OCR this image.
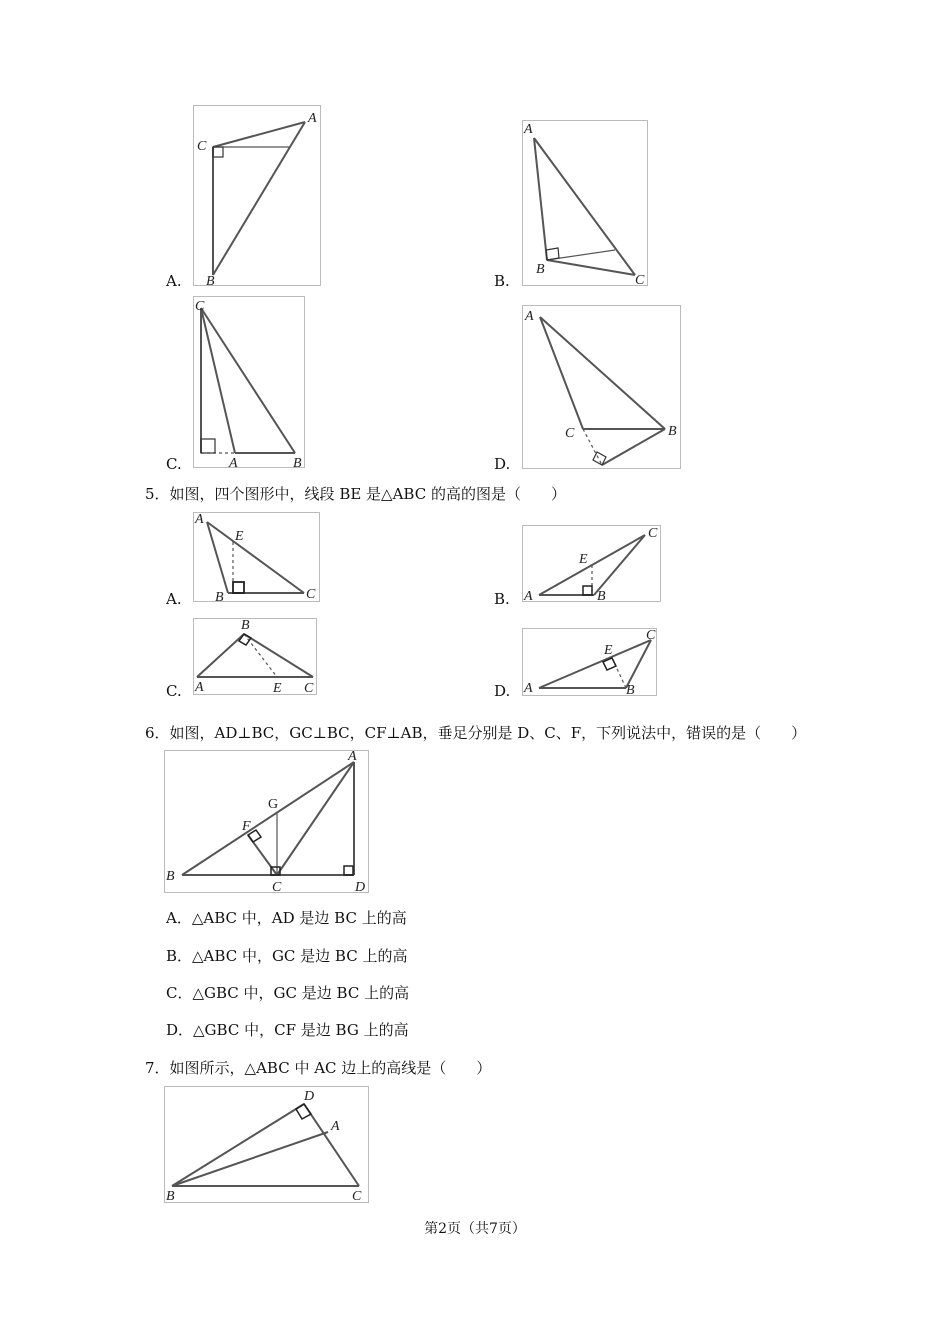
C
A
B
A.
A
B
C
B.
C
A	B
C.
A
C	B
D.
5．如图，四个图形中，线段 BE 是△ABC 的高的图是（　　）
A
E
B	C
A.
C
E
A	B
B.
B
A	E C
C.
C
E
A	B
D.
6．如图，AD⊥BC，GC⊥BC，CF⊥AB，垂足分别是 D、C、F，下列说法中，错误的是（　　）
A
G
F
B
C	D
A．△ABC 中，AD 是边 BC 上的高
B．△ABC 中，GC 是边 BC 上的高
C．△GBC 中，GC 是边 BC 上的高
D．△GBC 中，CF 是边 BG 上的高
7．如图所示，△ABC 中 AC 边上的高线是（　　）
D
A
B	C
第2页（共7页）
